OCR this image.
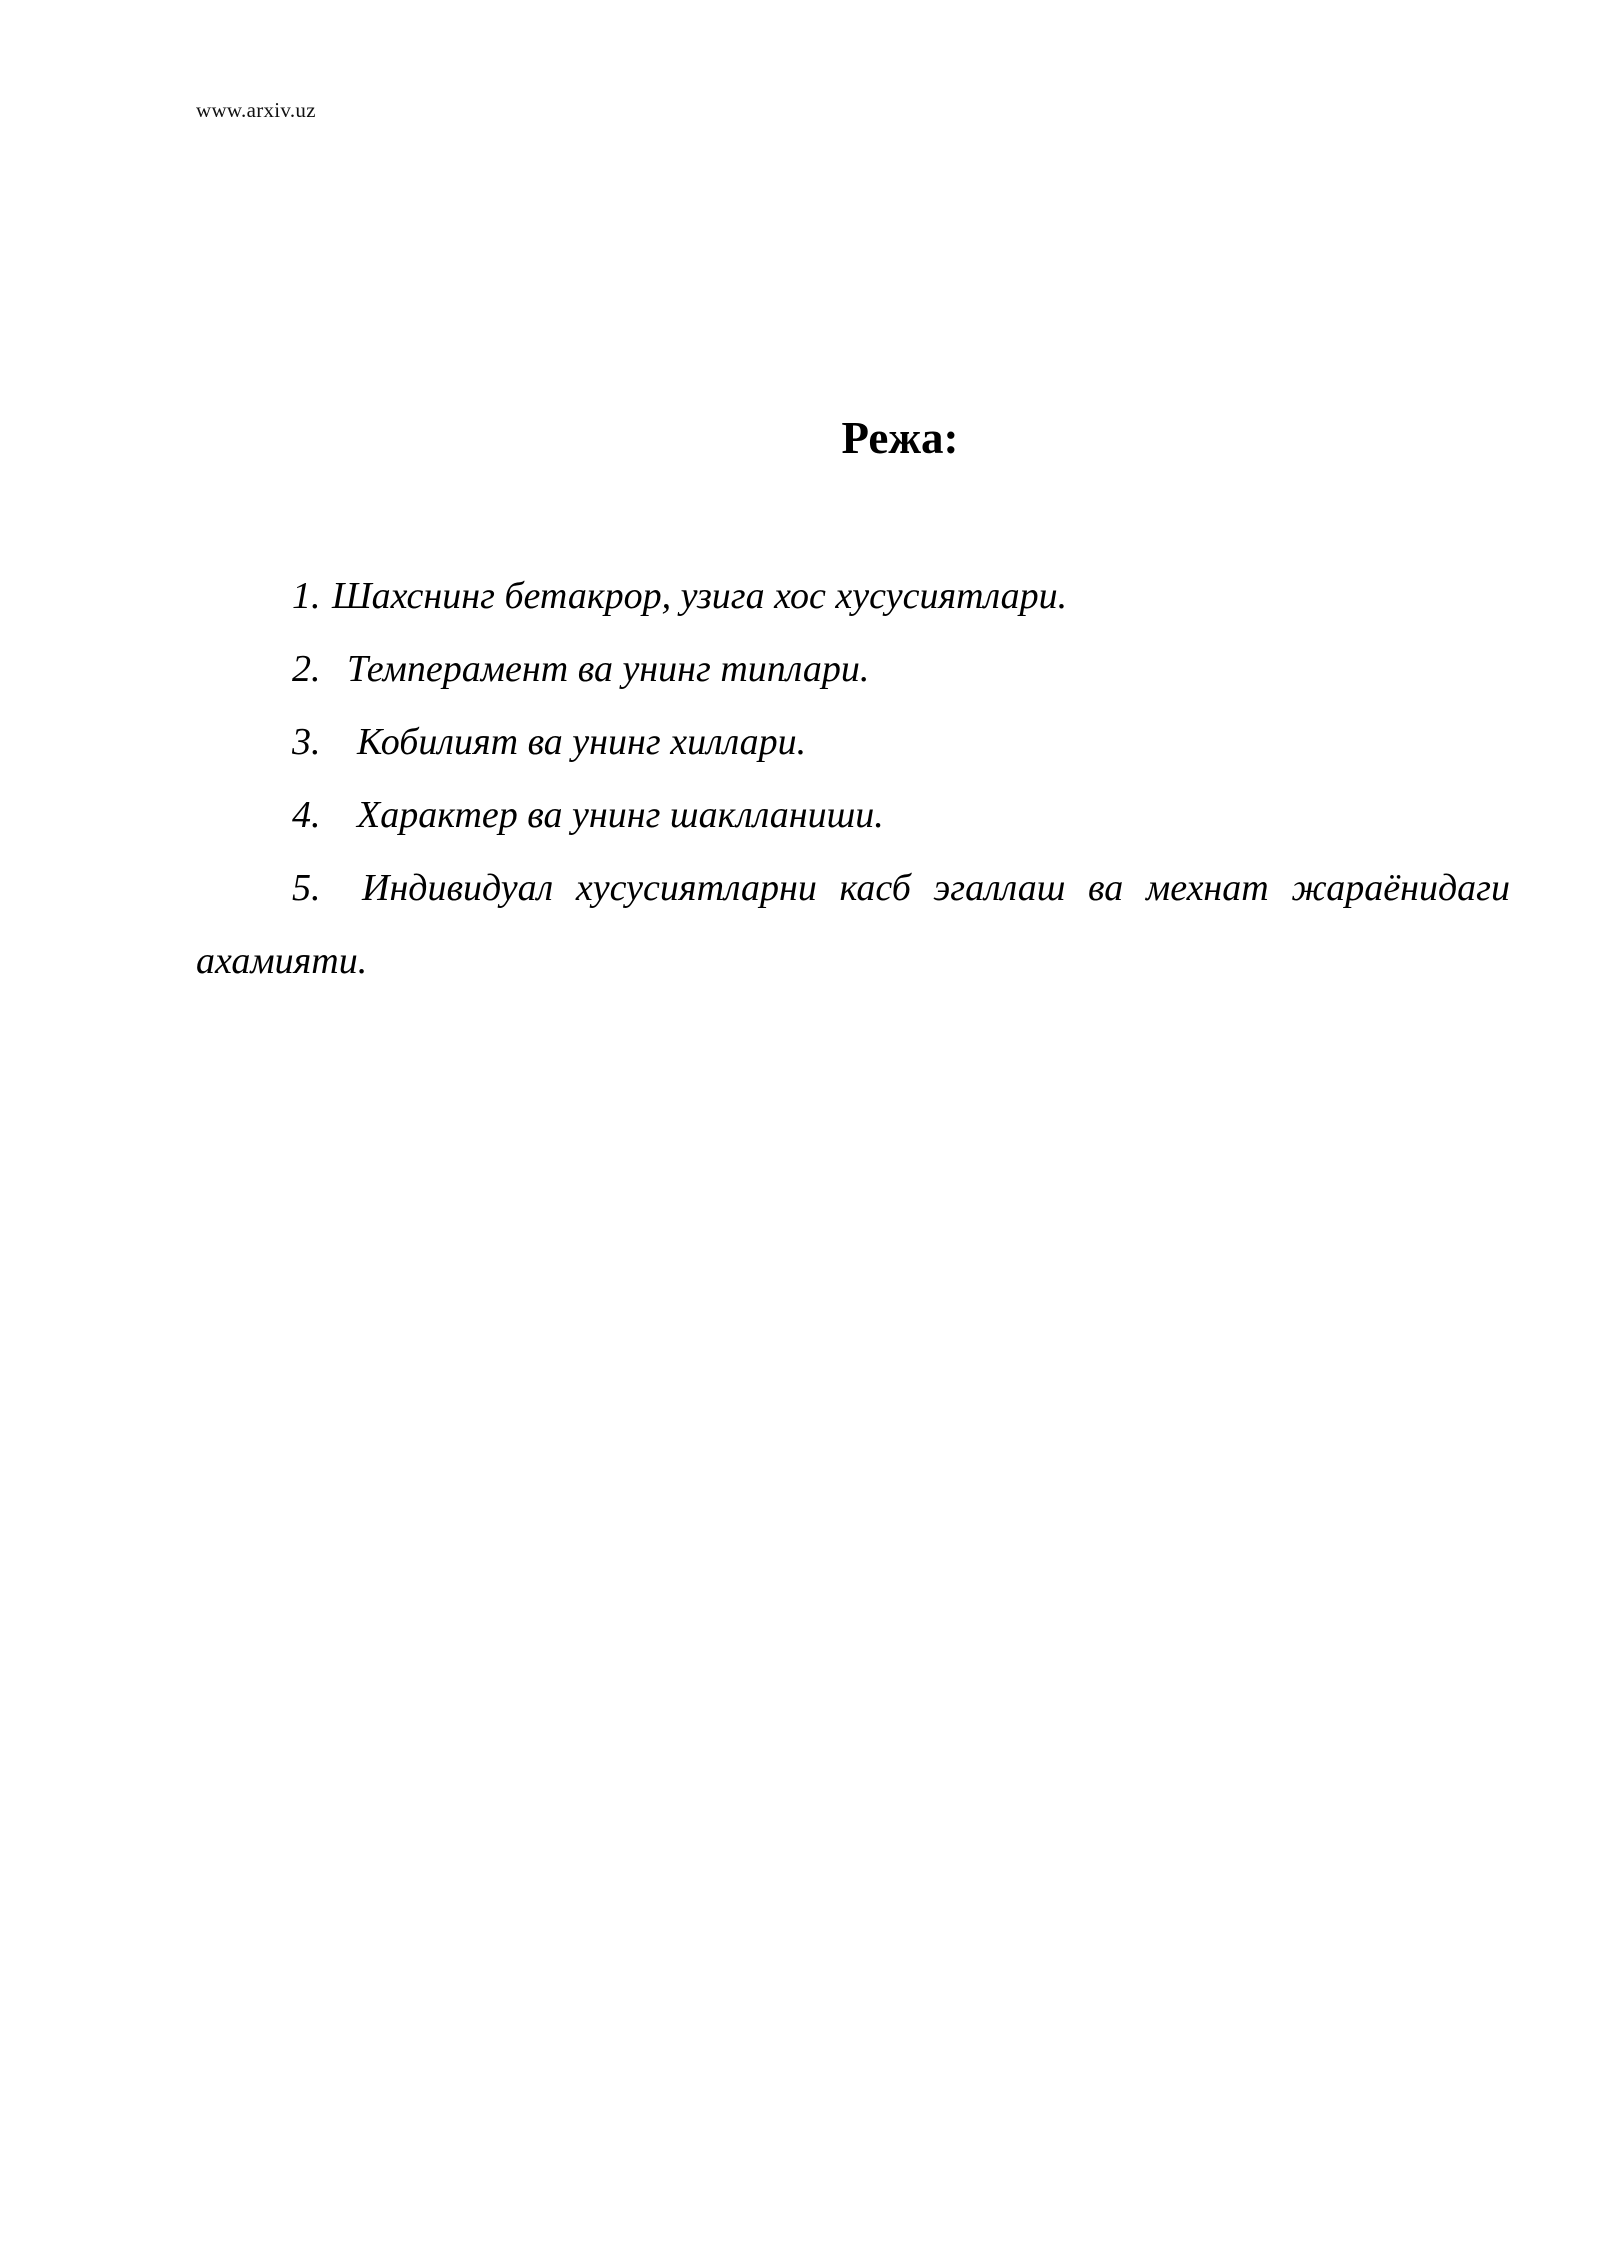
www.arxiv.uz
Режа:
1. Шахснинг бетакрор, узига хос хусусиятлари.
2. Темперамент ва унинг типлари.
3. Кобилият ва унинг хиллари.
4. Характер ва унинг шаклланиши.
5. Индивидуал хусусиятларни касб эгаллаш ва мехнат жараёнидаги ахамияти.
